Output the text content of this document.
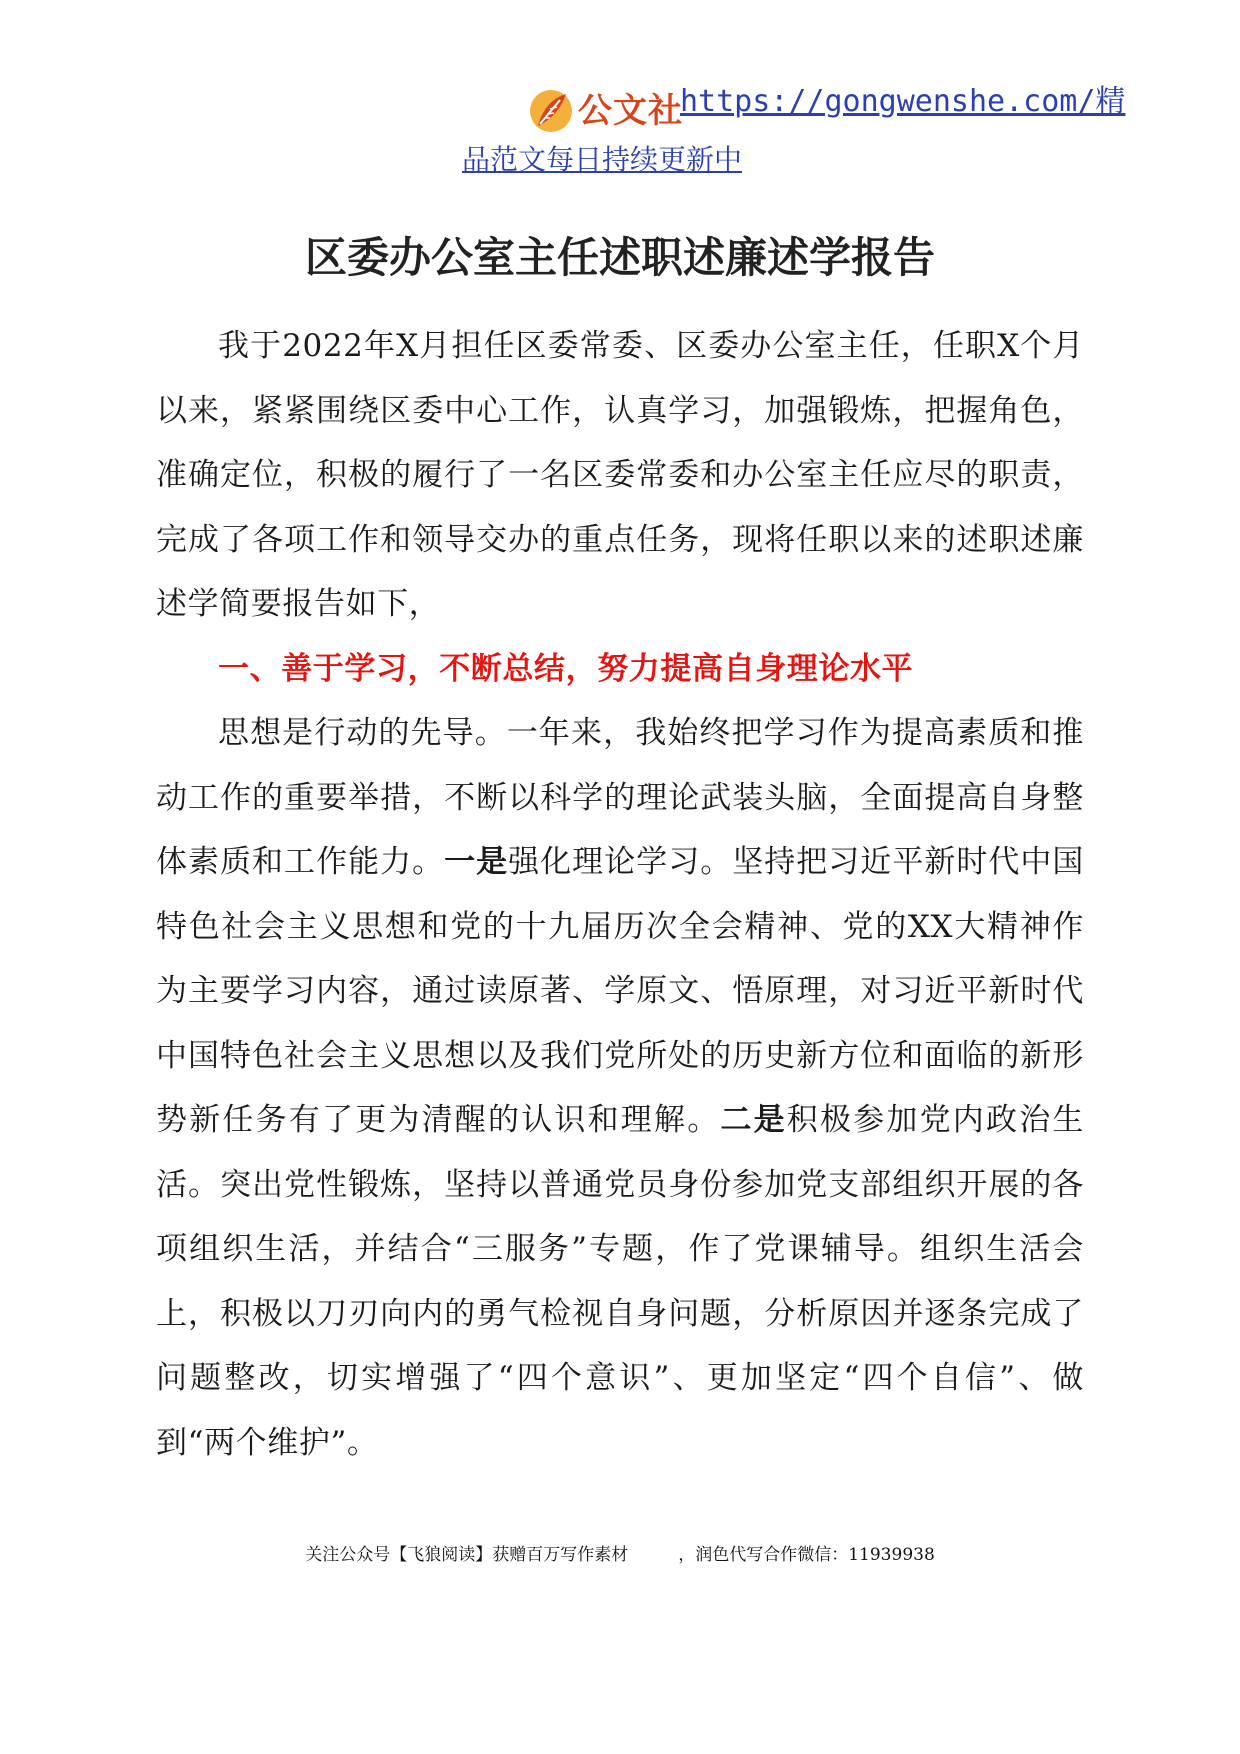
公文社
https://gongwenshe.com/精
品范文每日持续更新中
区委办公室主任述职述廉述学报告

我于2022年X月担任区委常委、区委办公室主任，任职X个月以来，紧紧围绕区委中心工作，认真学习，加强锻炼，把握角色，准确定位，积极的履行了一名区委常委和办公室主任应尽的职责，完成了各项工作和领导交办的重点任务，现将任职以来的述职述廉述学简要报告如下，

一、善于学习，不断总结，努力提高自身理论水平

思想是行动的先导。一年来，我始终把学习作为提高素质和推动工作的重要举措，不断以科学的理论武装头脑，全面提高自身整体素质和工作能力。一是强化理论学习。坚持把习近平新时代中国特色社会主义思想和党的十九届历次全会精神、党的XX大精神作为主要学习内容，通过读原著、学原文、悟原理，对习近平新时代中国特色社会主义思想以及我们党所处的历史新方位和面临的新形势新任务有了更为清醒的认识和理解。二是积极参加党内政治生活。突出党性锻炼，坚持以普通党员身份参加党支部组织开展的各项组织生活，并结合“三服务”专题，作了党课辅导。组织生活会上，积极以刀刃向内的勇气检视自身问题，分析原因并逐条完成了问题整改，切实增强了“四个意识”、更加坚定“四个自信”、做到“两个维护”。

关注公众号【飞狼阅读】获赠百万写作素材	，润色代写合作微信：11939938
